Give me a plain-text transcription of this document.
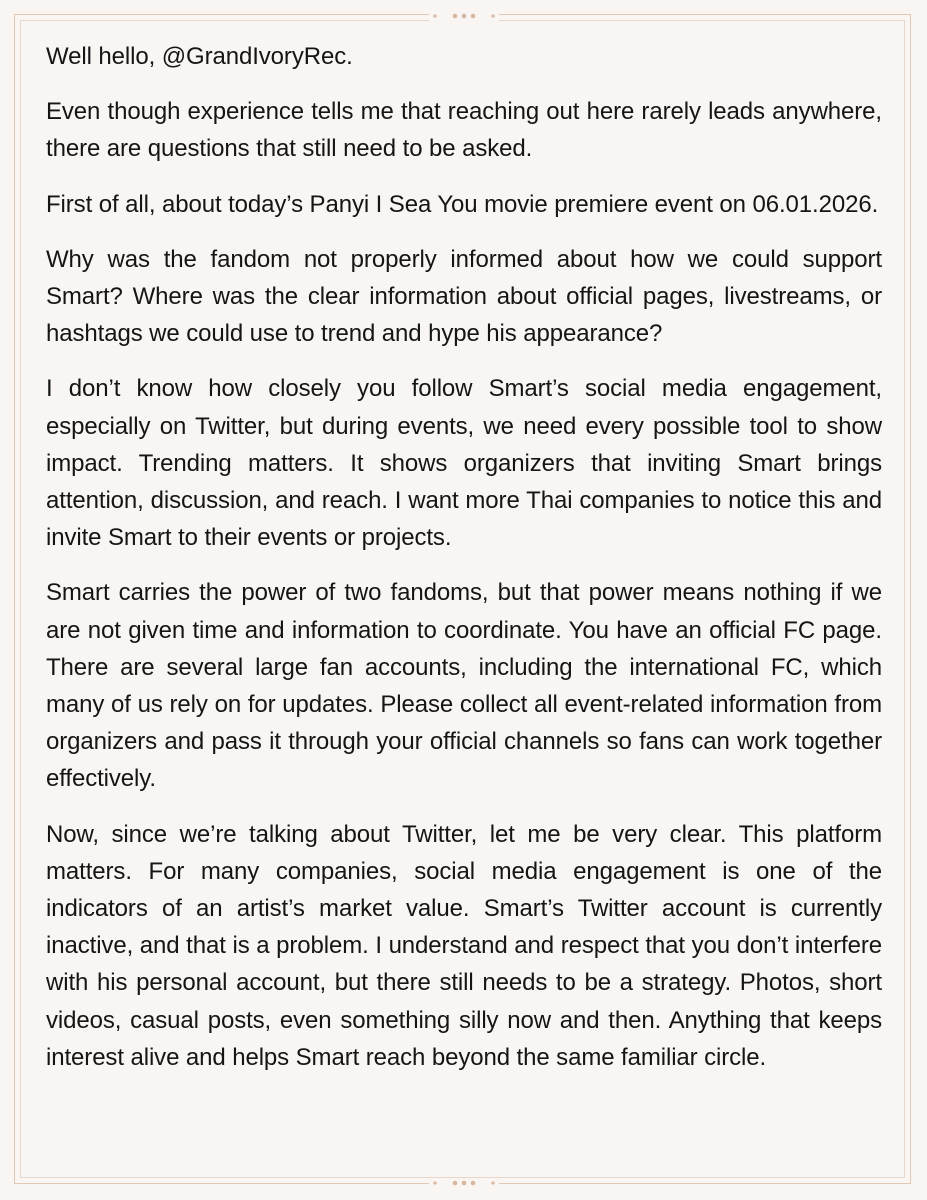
Well hello, @GrandIvoryRec.

Even though experience tells me that reaching out here rarely leads anywhere, there are questions that still need to be asked.

First of all, about today’s Panyi I Sea You movie premiere event on 06.01.2026.

Why was the fandom not properly informed about how we could support Smart? Where was the clear information about official pages, livestreams, or hashtags we could use to trend and hype his appearance?

I don’t know how closely you follow Smart’s social media engagement, especially on Twitter, but during events, we need every possible tool to show impact. Trending matters. It shows organizers that inviting Smart brings attention, discussion, and reach. I want more Thai companies to notice this and invite Smart to their events or projects.

Smart carries the power of two fandoms, but that power means nothing if we are not given time and information to coordinate. You have an official FC page. There are several large fan accounts, including the international FC, which many of us rely on for updates. Please collect all event-related information from organizers and pass it through your official channels so fans can work together effectively.

Now, since we’re talking about Twitter, let me be very clear. This platform matters. For many companies, social media engagement is one of the indicators of an artist’s market value. Smart’s Twitter account is currently inactive, and that is a problem. I understand and respect that you don’t interfere with his personal account, but there still needs to be a strategy. Photos, short videos, casual posts, even something silly now and then. Anything that keeps interest alive and helps Smart reach beyond the same familiar circle.
